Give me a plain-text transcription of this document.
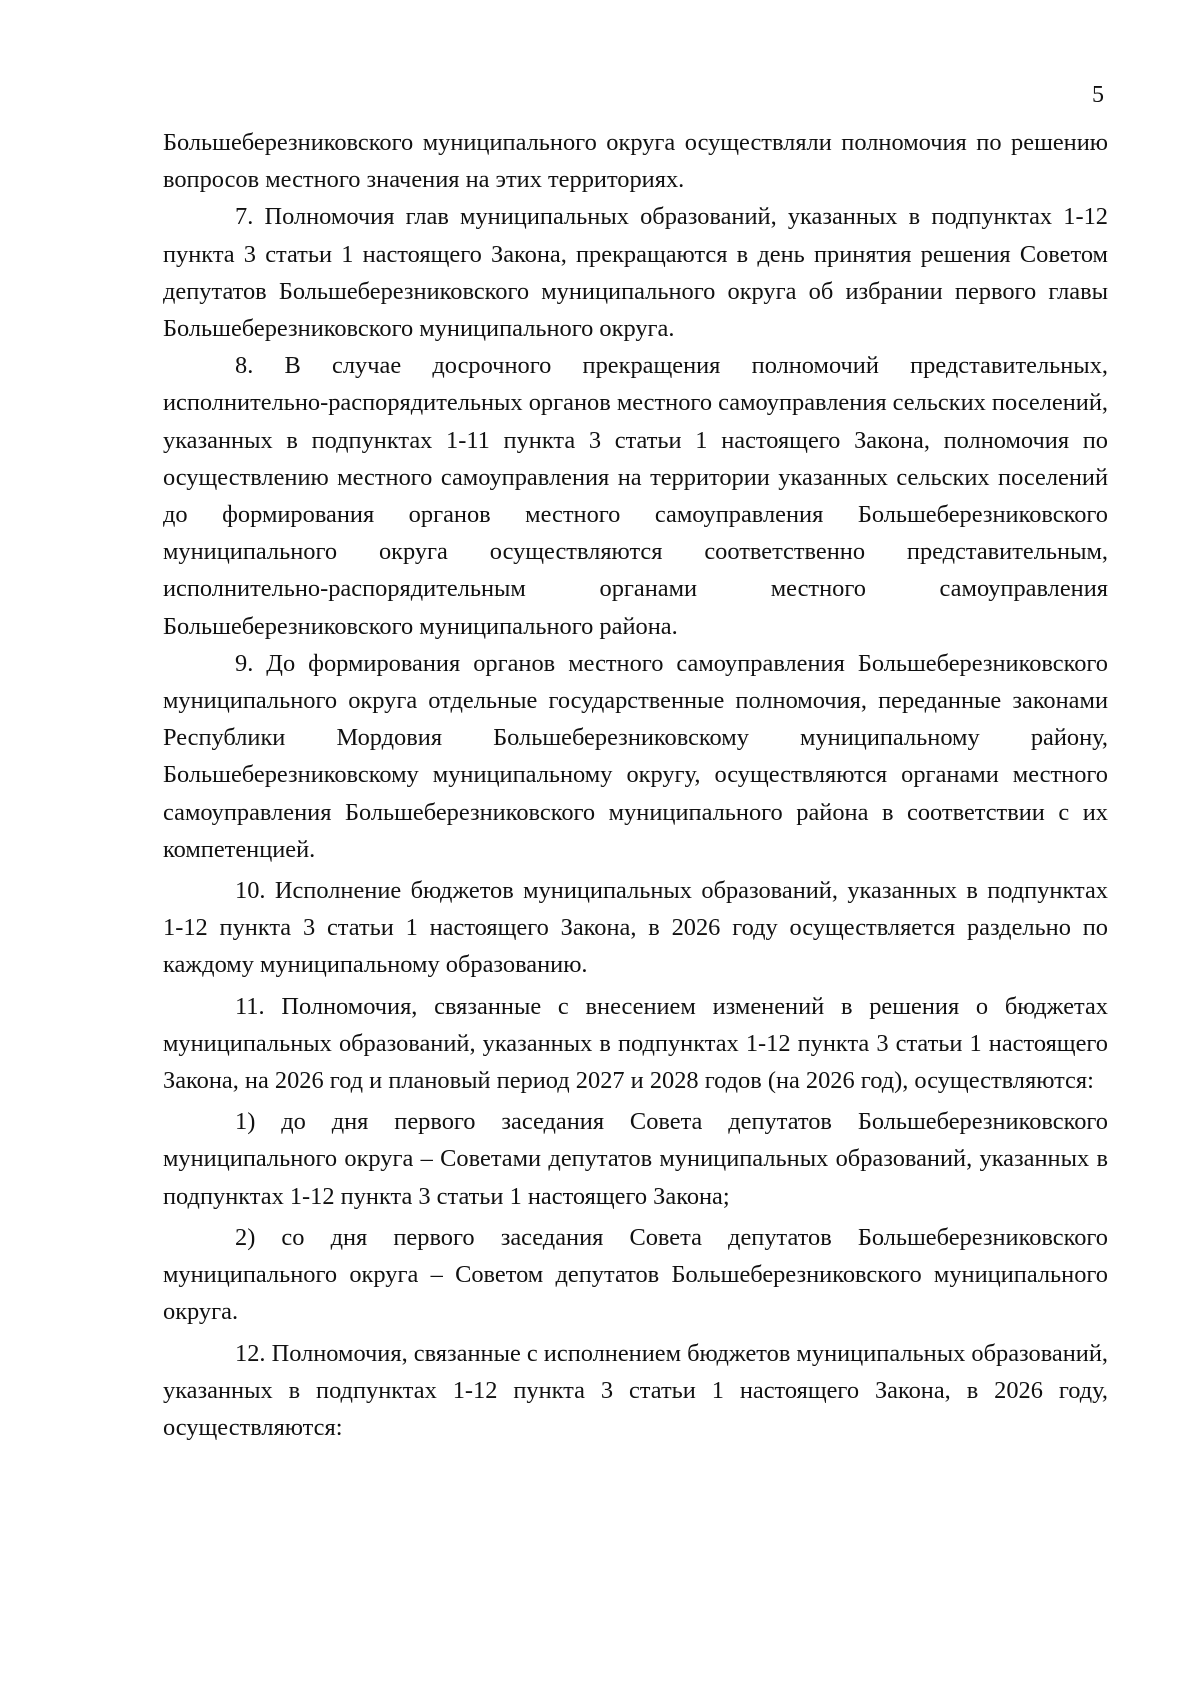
5

Большеберезниковского муниципального округа осуществляли полномочия по решению вопросов местного значения на этих территориях.

7. Полномочия глав муниципальных образований, указанных в подпунктах 1-12 пункта 3 статьи 1 настоящего Закона, прекращаются в день принятия решения Советом депутатов Большеберезниковского муниципального округа об избрании первого главы Большеберезниковского муниципального округа.

8. В случае досрочного прекращения полномочий представительных, исполнительно-распорядительных органов местного самоуправления сельских поселений, указанных в подпунктах 1-11 пункта 3 статьи 1 настоящего Закона, полномочия по осуществлению местного самоуправления на территории указанных сельских поселений до формирования органов местного самоуправления Большеберезниковского муниципального округа осуществляются соответственно представительным, исполнительно-распорядительным органами местного самоуправления Большеберезниковского муниципального района.

9. До формирования органов местного самоуправления Большеберезниковского муниципального округа отдельные государственные полномочия, переданные законами Республики Мордовия Большеберезниковскому муниципальному району, Большеберезниковскому муниципальному округу, осуществляются органами местного самоуправления Большеберезниковского муниципального района в соответствии с их компетенцией.

10. Исполнение бюджетов муниципальных образований, указанных в подпунктах 1-12 пункта 3 статьи 1 настоящего Закона, в 2026 году осуществляется раздельно по каждому муниципальному образованию.

11. Полномочия, связанные с внесением изменений в решения о бюджетах муниципальных образований, указанных в подпунктах 1-12 пункта 3 статьи 1 настоящего Закона, на 2026 год и плановый период 2027 и 2028 годов (на 2026 год), осуществляются:

1) до дня первого заседания Совета депутатов Большеберезниковского муниципального округа – Советами депутатов муниципальных образований, указанных в подпунктах 1-12 пункта 3 статьи 1 настоящего Закона;

2) со дня первого заседания Совета депутатов Большеберезниковского муниципального округа – Советом депутатов Большеберезниковского муниципального округа.

12. Полномочия, связанные с исполнением бюджетов муниципальных образований, указанных в подпунктах 1-12 пункта 3 статьи 1 настоящего Закона, в 2026 году, осуществляются:
